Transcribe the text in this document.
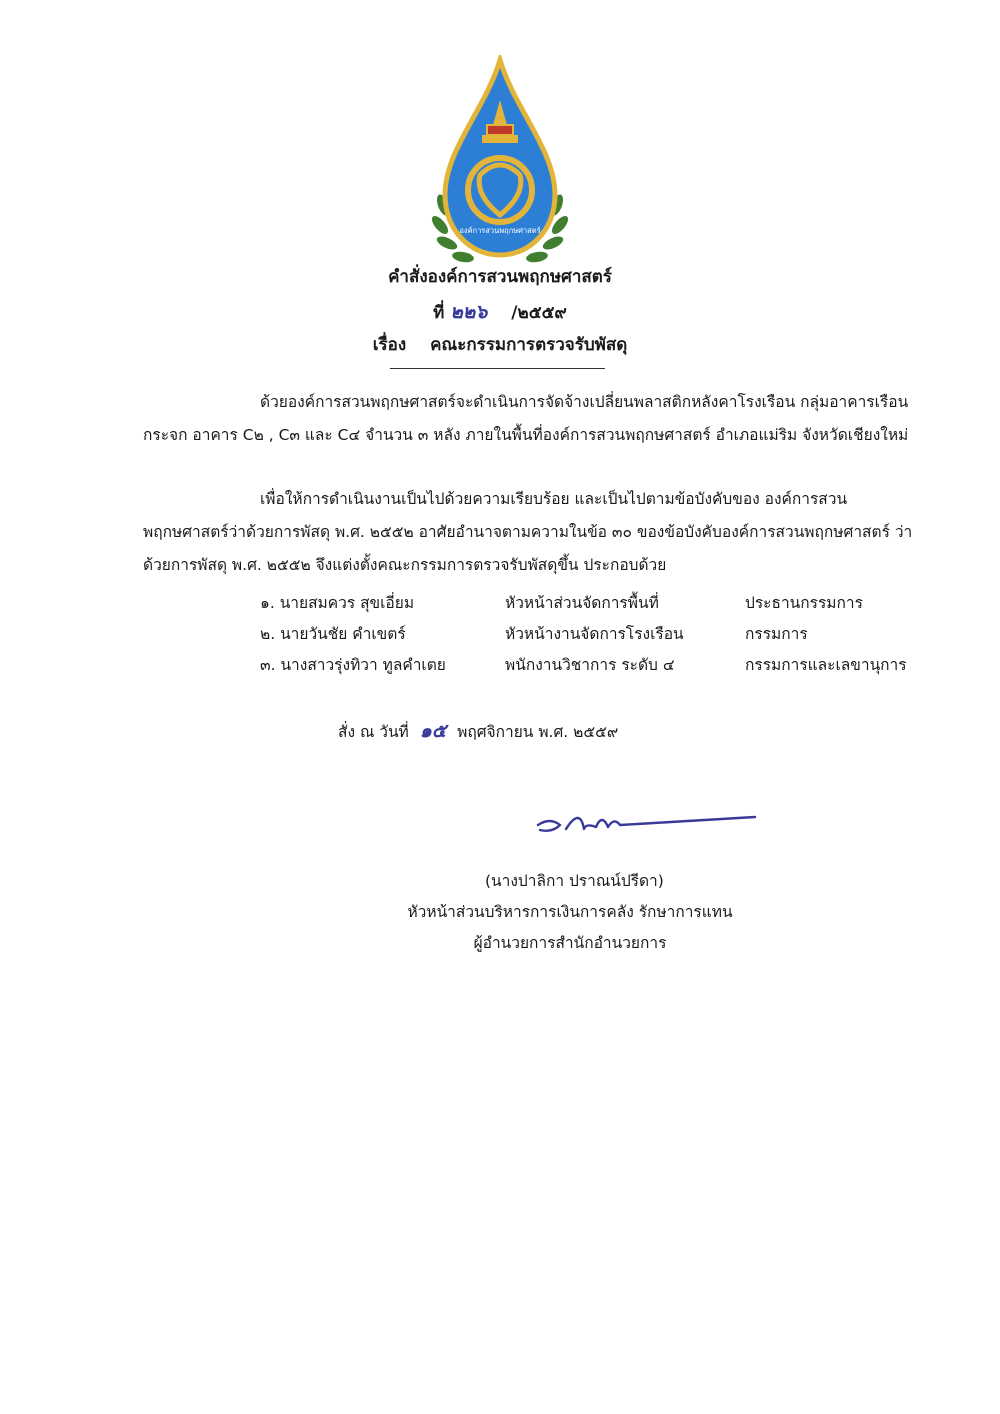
องค์การสวนพฤกษศาสตร์
คำสั่งองค์การสวนพฤกษศาสตร์
ที่ ๒๒๖ /๒๕๕๙
เรื่อง คณะกรรมการตรวจรับพัสดุ
ด้วยองค์การสวนพฤกษศาสตร์จะดำเนินการจัดจ้างเปลี่ยนพลาสติกหลังคาโรงเรือน กลุ่มอาคารเรือนกระจก อาคาร C๒ , C๓ และ C๔ จำนวน ๓ หลัง ภายในพื้นที่องค์การสวนพฤกษศาสตร์ อำเภอแม่ริม จังหวัดเชียงใหม่
เพื่อให้การดำเนินงานเป็นไปด้วยความเรียบร้อย และเป็นไปตามข้อบังคับของ องค์การสวนพฤกษศาสตร์ว่าด้วยการพัสดุ พ.ศ. ๒๕๕๒ อาศัยอำนาจตามความในข้อ ๓๐ ของข้อบังคับองค์การสวนพฤกษศาสตร์ ว่าด้วยการพัสดุ พ.ศ. ๒๕๕๒ จึงแต่งตั้งคณะกรรมการตรวจรับพัสดุขึ้น ประกอบด้วย
๑. นายสมควร สุขเอี่ยม	หัวหน้าส่วนจัดการพื้นที่	ประธานกรรมการ
๒. นายวันชัย คำเขตร์	หัวหน้างานจัดการโรงเรือน	กรรมการ
๓. นางสาวรุ่งทิวา ทูลคำเตย	พนักงานวิชาการ ระดับ ๔	กรรมการและเลขานุการ
สั่ง ณ วันที่ ๑๕ พฤศจิกายน พ.ศ. ๒๕๕๙
(นางปาลิกา ปราณน์ปรีดา)
หัวหน้าส่วนบริหารการเงินการคลัง รักษาการแทน
ผู้อำนวยการสำนักอำนวยการ
